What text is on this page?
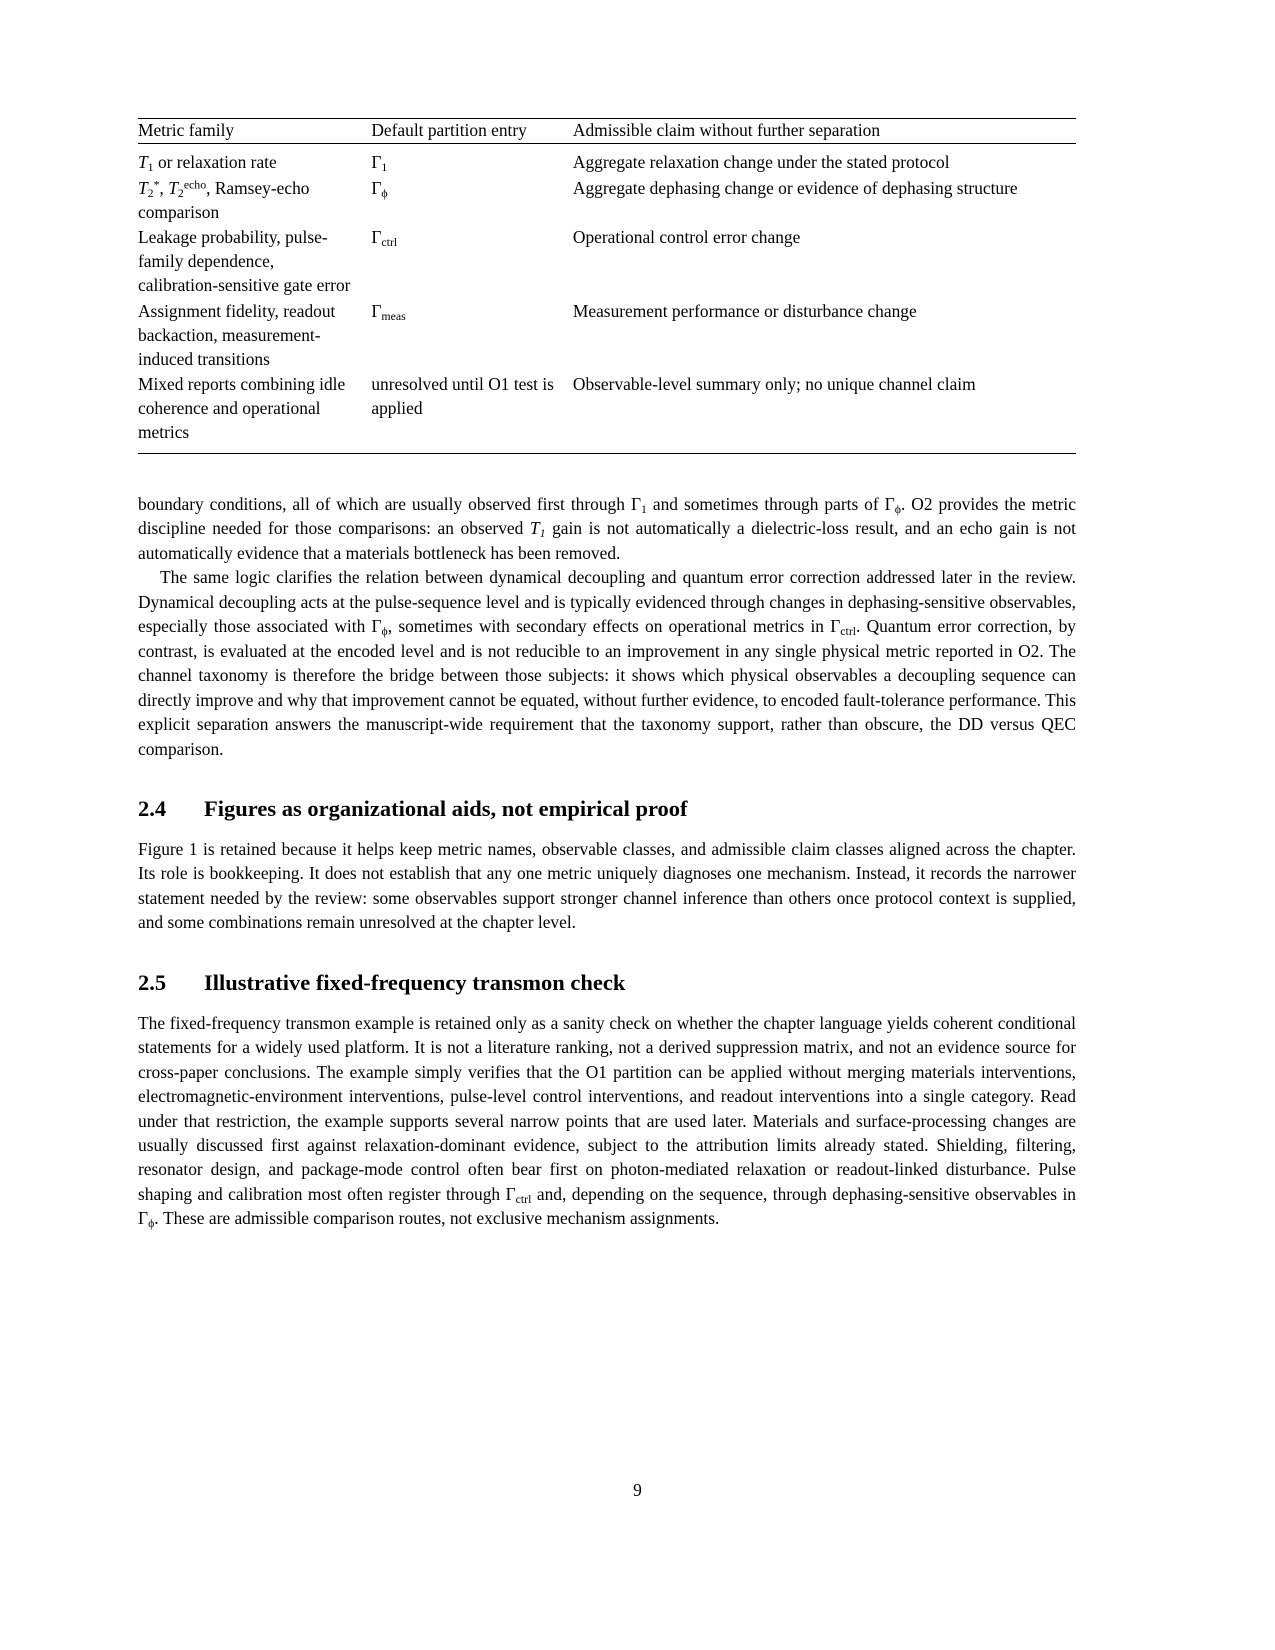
Metric family	Default partition entry	Admissible claim without further separation
$T_1$ or relaxation rate	$\Gamma_1$	Aggregate relaxation change under the stated protocol
$T_2^*$, $T_2^{echo}$, Ramsey-echo comparison	$\Gamma_\phi$	Aggregate dephasing change or evidence of dephasing structure
Leakage probability, pulse-family dependence, calibration-sensitive gate error	$\Gamma_{ctrl}$	Operational control error change
Assignment fidelity, readout backaction, measurement-induced transitions	$\Gamma_{meas}$	Measurement performance or disturbance change
Mixed reports combining idle coherence and operational metrics	unresolved until O1 test is applied	Observable-level summary only; no unique channel claim

boundary conditions, all of which are usually observed first through $\Gamma_1$ and sometimes through parts of $\Gamma_\phi$. O2 provides the metric discipline needed for those comparisons: an observed $T_1$ gain is not automatically a dielectric-loss result, and an echo gain is not automatically evidence that a materials bottleneck has been removed.

The same logic clarifies the relation between dynamical decoupling and quantum error correction addressed later in the review. Dynamical decoupling acts at the pulse-sequence level and is typically evidenced through changes in dephasing-sensitive observables, especially those associated with $\Gamma_\phi$, sometimes with secondary effects on operational metrics in $\Gamma_{ctrl}$. Quantum error correction, by contrast, is evaluated at the encoded level and is not reducible to an improvement in any single physical metric reported in O2. The channel taxonomy is therefore the bridge between those subjects: it shows which physical observables a decoupling sequence can directly improve and why that improvement cannot be equated, without further evidence, to encoded fault-tolerance performance. This explicit separation answers the manuscript-wide requirement that the taxonomy support, rather than obscure, the DD versus QEC comparison.

2.4 Figures as organizational aids, not empirical proof

Figure 1 is retained because it helps keep metric names, observable classes, and admissible claim classes aligned across the chapter. Its role is bookkeeping. It does not establish that any one metric uniquely diagnoses one mechanism. Instead, it records the narrower statement needed by the review: some observables support stronger channel inference than others once protocol context is supplied, and some combinations remain unresolved at the chapter level.

2.5 Illustrative fixed-frequency transmon check

The fixed-frequency transmon example is retained only as a sanity check on whether the chapter language yields coherent conditional statements for a widely used platform. It is not a literature ranking, not a derived suppression matrix, and not an evidence source for cross-paper conclusions. The example simply verifies that the O1 partition can be applied without merging materials interventions, electromagnetic-environment interventions, pulse-level control interventions, and readout interventions into a single category. Read under that restriction, the example supports several narrow points that are used later. Materials and surface-processing changes are usually discussed first against relaxation-dominant evidence, subject to the attribution limits already stated. Shielding, filtering, resonator design, and package-mode control often bear first on photon-mediated relaxation or readout-linked disturbance. Pulse shaping and calibration most often register through $\Gamma_{ctrl}$ and, depending on the sequence, through dephasing-sensitive observables in $\Gamma_\phi$. These are admissible comparison routes, not exclusive mechanism assignments.

9
